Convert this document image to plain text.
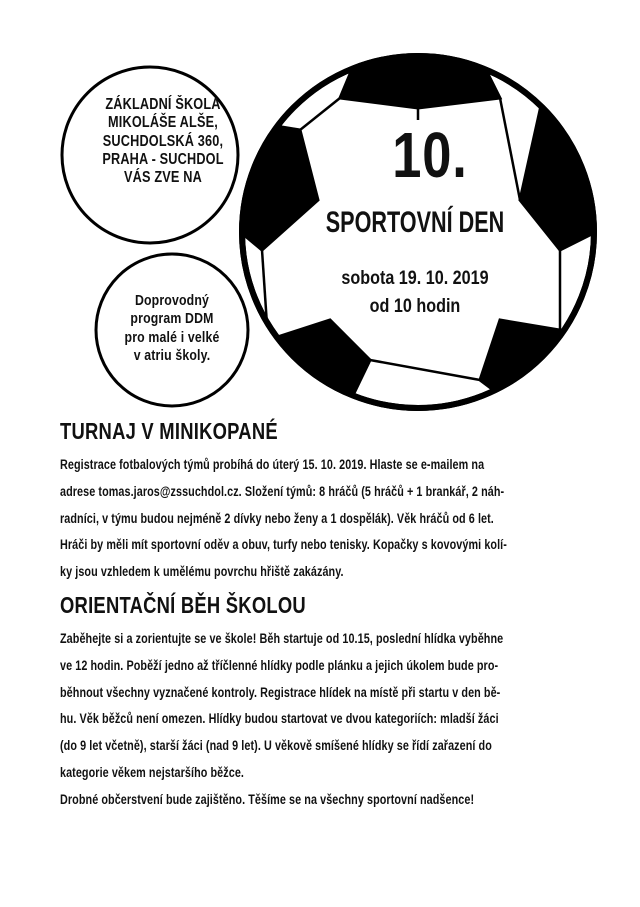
ZÁKLADNÍ ŠKOLA
MIKOLÁŠE ALŠE,
SUCHDOLSKÁ 360,
PRAHA - SUCHDOL
VÁS ZVE NA
Doprovodný
program DDM
pro malé i velké
v atriu školy.
10.
SPORTOVNÍ DEN
sobota 19. 10. 2019
od 10 hodin
TURNAJ V MINIKOPANÉ
Registrace fotbalových týmů probíhá do úterý 15. 10. 2019. Hlaste se e-mailem na
adrese tomas.jaros@zssuchdol.cz. Složení týmů: 8 hráčů (5 hráčů + 1 brankář, 2 náh-
radníci, v týmu budou nejméně 2 dívky nebo ženy a 1 dospělák). Věk hráčů od 6 let.
Hráči by měli mít sportovní oděv a obuv, turfy nebo tenisky. Kopačky s kovovými kolí-
ky jsou vzhledem k umělému povrchu hřiště zakázány.
ORIENTAČNÍ BĚH ŠKOLOU
Zaběhejte si a zorientujte se ve škole! Běh startuje od 10.15, poslední hlídka vyběhne
ve 12 hodin. Poběží jedno až tříčlenné hlídky podle plánku a jejich úkolem bude pro-
běhnout všechny vyznačené kontroly. Registrace hlídek na místě při startu v den bě-
hu. Věk běžců není omezen. Hlídky budou startovat ve dvou kategoriích: mladší žáci
(do 9 let včetně), starší žáci (nad 9 let). U věkově smíšené hlídky se řídí zařazení do
kategorie věkem nejstaršího běžce.
Drobné občerstvení bude zajištěno. Těšíme se na všechny sportovní nadšence!
